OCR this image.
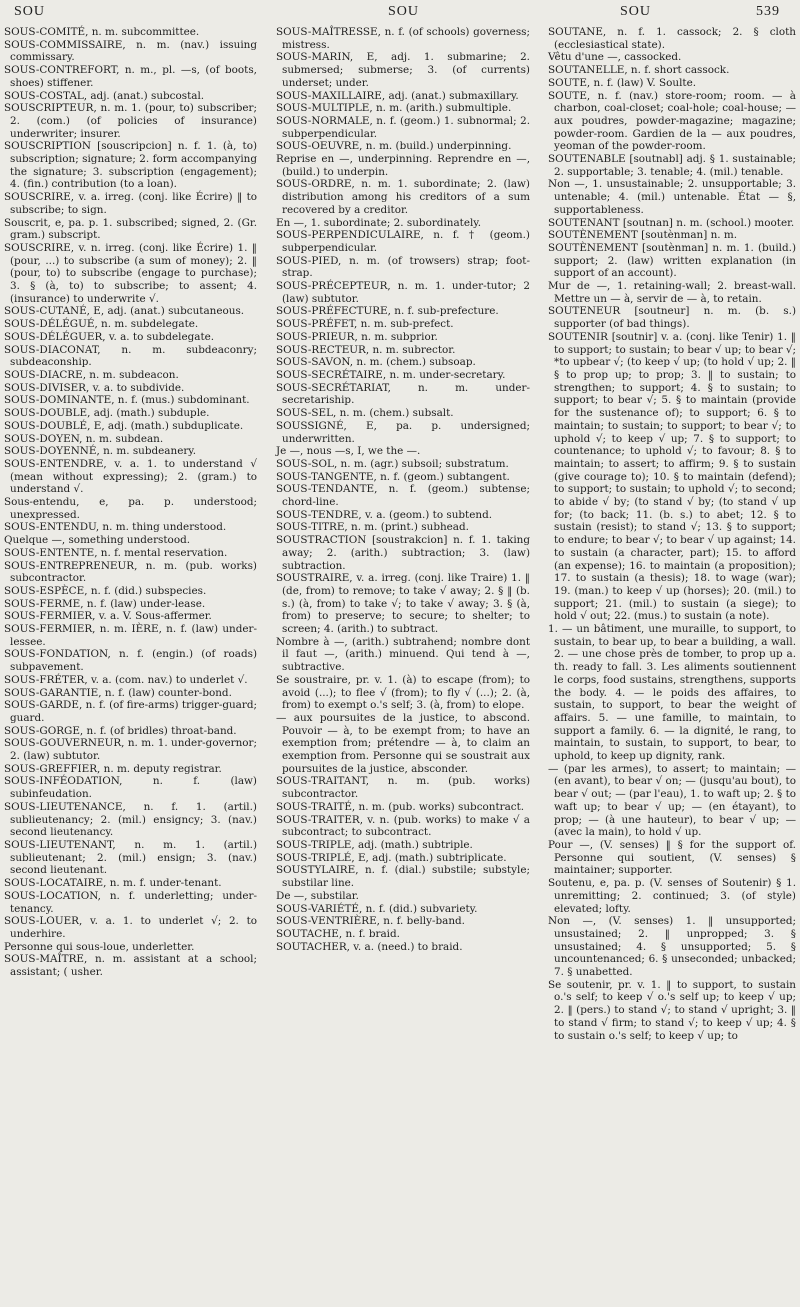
SOU	SOU	SOU	539

SOUS-COMITÉ, n. m. subcommittee.

SOUS-COMMISSAIRE, n. m. (nav.) issuing commissary.

SOUS-CONTREFORT, n. m., pl. —s, (of boots, shoes) stiffener.

SOUS-COSTAL, adj. (anat.) subcostal.

SOUSCRIPTEUR, n. m. 1. (pour, to) subscriber; 2. (com.) (of policies of insurance) underwriter; insurer.

SOUSCRIPTION [souscripcion] n. f. 1. (à, to) subscription; signature; 2. form accompanying the signature; 3. subscription (engagement); 4. (fin.) contribution (to a loan).

SOUSCRIRE, v. a. irreg. (conj. like Écrire) ‖ to subscribe; to sign.

Souscrit, e, pa. p. 1. subscribed; signed, 2. (Gr. gram.) subscript.

SOUSCRIRE, v. n. irreg. (conj. like Écrire) 1. ‖ (pour, ...) to subscribe (a sum of money); 2. ‖ (pour, to) to subscribe (engage to purchase); 3. § (à, to) to subscribe; to assent; 4. (insurance) to underwrite √.

SOUS-CUTANÉ, E, adj. (anat.) subcutaneous.

SOUS-DÉLÉGUÉ, n. m. subdelegate.

SOUS-DÉLÉGUER, v. a. to subdelegate.

SOUS-DIACONAT, n. m. subdeaconry; subdeaconship.

SOUS-DIACRE, n. m. subdeacon.

SOUS-DIVISER, v. a. to subdivide.

SOUS-DOMINANTE, n. f. (mus.) subdominant.

SOUS-DOUBLE, adj. (math.) subduple.

SOUS-DOUBLÉ, E, adj. (math.) subduplicate.

SOUS-DOYEN, n. m. subdean.

SOUS-DOYENNÉ, n. m. subdeanery.

SOUS-ENTENDRE, v. a. 1. to understand √ (mean without expressing); 2. (gram.) to understand √.

Sous-entendu, e, pa. p. understood; unexpressed.

SOUS-ENTENDU, n. m. thing understood.

Quelque —, something understood.

SOUS-ENTENTE, n. f. mental reservation.

SOUS-ENTREPRENEUR, n. m. (pub. works) subcontractor.

SOUS-ESPÈCE, n. f. (did.) subspecies.

SOUS-FERME, n. f. (law) under-lease.

SOUS-FERMIER, v. a. V. Sous-affermer.

SOUS-FERMIER, n. m. IÈRE, n. f. (law) under-lessee.

SOUS-FONDATION, n. f. (engin.) (of roads) subpavement.

SOUS-FRÉTER, v. a. (com. nav.) to underlet √.

SOUS-GARANTIE, n. f. (law) counter-bond.

SOUS-GARDE, n. f. (of fire-arms) trigger-guard; guard.

SOUS-GORGE, n. f. (of bridles) throat-band.

SOUS-GOUVERNEUR, n. m. 1. under-governor; 2. (law) subtutor.

SOUS-GREFFIER, n. m. deputy registrar.

SOUS-INFÉODATION, n. f. (law) subinfeudation.

SOUS-LIEUTENANCE, n. f. 1. (artil.) sublieutenancy; 2. (mil.) ensigncy; 3. (nav.) second lieutenancy.

SOUS-LIEUTENANT, n. m. 1. (artil.) sublieutenant; 2. (mil.) ensign; 3. (nav.) second lieutenant.

SOUS-LOCATAIRE, n. m. f. under-tenant.

SOUS-LOCATION, n. f. underletting; under-tenancy.

SOUS-LOUER, v. a. 1. to underlet √; 2. to underhire.

Personne qui sous-loue, underletter.

SOUS-MAÎTRE, n. m. assistant at a school; assistant; ( usher.

SOUS-MAÎTRESSE, n. f. (of schools) governess; mistress.

SOUS-MARIN, E, adj. 1. submarine; 2. submersed; submerse; 3. (of currents) underset; under.

SOUS-MAXILLAIRE, adj. (anat.) submaxillary.

SOUS-MULTIPLE, n. m. (arith.) submultiple.

SOUS-NORMALE, n. f. (geom.) 1. subnormal; 2. subperpendicular.

SOUS-OEUVRE, n. m. (build.) underpinning.

Reprise en —, underpinning. Reprendre en —, (build.) to underpin.

SOUS-ORDRE, n. m. 1. subordinate; 2. (law) distribution among his creditors of a sum recovered by a creditor.

En —, 1. subordinate; 2. subordinately.

SOUS-PERPENDICULAIRE, n. f. † (geom.) subperpendicular.

SOUS-PIED, n. m. (of trowsers) strap; foot-strap.

SOUS-PRÉCEPTEUR, n. m. 1. under-tutor; 2 (law) subtutor.

SOUS-PRÉFECTURE, n. f. sub-prefecture.

SOUS-PRÉFET, n. m. sub-prefect.

SOUS-PRIEUR, n. m. subprior.

SOUS-RECTEUR, n. m. subrector.

SOUS-SAVON, n. m. (chem.) subsoap.

SOUS-SECRÉTAIRE, n. m. under-secretary.

SOUS-SECRÉTARIAT, n. m. under-secretariship.

SOUS-SEL, n. m. (chem.) subsalt.

SOUSSIGNÉ, E, pa. p. undersigned; underwritten.

Je —, nous —s, I, we the —.

SOUS-SOL, n. m. (agr.) subsoil; substratum.

SOUS-TANGENTE, n. f. (geom.) subtangent.

SOUS-TENDANTE, n. f. (geom.) subtense; chord-line.

SOUS-TENDRE, v. a. (geom.) to subtend.

SOUS-TITRE, n. m. (print.) subhead.

SOUSTRACTION [soustrakcion] n. f. 1. taking away; 2. (arith.) subtraction; 3. (law) subtraction.

SOUSTRAIRE, v. a. irreg. (conj. like Traire) 1. ‖ (de, from) to remove; to take √ away; 2. § ‖ (b. s.) (à, from) to take √; to take √ away; 3. § (à, from) to preserve; to secure; to shelter; to screen; 4. (arith.) to subtract.

Nombre à —, (arith.) subtrahend; nombre dont il faut —, (arith.) minuend. Qui tend à —, subtractive.

Se soustraire, pr. v. 1. (à) to escape (from); to avoid (...); to flee √ (from); to fly √ (...); 2. (à, from) to exempt o.'s self; 3. (à, from) to elope.

— aux poursuites de la justice, to abscond. Pouvoir — à, to be exempt from; to have an exemption from; prétendre — à, to claim an exemption from. Personne qui se soustrait aux poursuites de la justice, absconder.

SOUS-TRAITANT, n. m. (pub. works) subcontractor.

SOUS-TRAITÉ, n. m. (pub. works) subcontract.

SOUS-TRAITER, v. n. (pub. works) to make √ a subcontract; to subcontract.

SOUS-TRIPLE, adj. (math.) subtriple.

SOUS-TRIPLÉ, E, adj. (math.) subtriplicate.

SOUSTYLAIRE, n. f. (dial.) substile; substyle; substilar line.

De —, substilar.

SOUS-VARIÉTÉ, n. f. (did.) subvariety.

SOUS-VENTRIÈRE, n. f. belly-band.

SOUTACHE, n. f. braid.

SOUTACHER, v. a. (need.) to braid.

SOUTANE, n. f. 1. cassock; 2. § cloth (ecclesiastical state).

Vêtu d'une —, cassocked.

SOUTANELLE, n. f. short cassock.

SOUTE, n. f. (law) V. Soulte.

SOUTE, n. f. (nav.) store-room; room. — à charbon, coal-closet; coal-hole; coal-house; — aux poudres, powder-magazine; magazine; powder-room. Gardien de la — aux poudres, yeoman of the powder-room.

SOUTENABLE [soutnabl] adj. § 1. sustainable; 2. supportable; 3. tenable; 4. (mil.) tenable.

Non —, 1. unsustainable; 2. unsupportable; 3. untenable; 4. (mil.) untenable. État — §, supportableness.

SOUTENANT [soutnan] n. m. (school.) mooter.

SOUTÈNEMENT [soutènman] n. m.

SOUTÈNEMENT [soutènman] n. m. 1. (build.) support; 2. (law) written explanation (in support of an account).

Mur de —, 1. retaining-wall; 2. breast-wall. Mettre un — à, servir de — à, to retain.

SOUTENEUR [soutneur] n. m. (b. s.) supporter (of bad things).

SOUTENIR [soutnir] v. a. (conj. like Tenir) 1. ‖ to support; to sustain; to bear √ up; to bear √; *to upbear √; (to keep √ up; (to hold √ up; 2. ‖ § to prop up; to prop; 3. ‖ to sustain; to strengthen; to support; 4. § to sustain; to support; to bear √; 5. § to maintain (provide for the sustenance of); to support; 6. § to maintain; to sustain; to support; to bear √; to uphold √; to keep √ up; 7. § to support; to countenance; to uphold √; to favour; 8. § to maintain; to assert; to affirm; 9. § to sustain (give courage to); 10. § to maintain (defend); to support; to sustain; to uphold √; to second; to abide √ by; (to stand √ by; (to stand √ up for; (to back; 11. (b. s.) to abet; 12. § to sustain (resist); to stand √; 13. § to support; to endure; to bear √; to bear √ up against; 14. to sustain (a character, part); 15. to afford (an expense); 16. to maintain (a proposition); 17. to sustain (a thesis); 18. to wage (war); 19. (man.) to keep √ up (horses); 20. (mil.) to support; 21. (mil.) to sustain (a siege); to hold √ out; 22. (mus.) to sustain (a note).

1. — un bâtiment, une muraille, to support, to sustain, to bear up, to bear a building, a wall. 2. — une chose près de tomber, to prop up a. th. ready to fall. 3. Les aliments soutiennent le corps, food sustains, strengthens, supports the body. 4. — le poids des affaires, to sustain, to support, to bear the weight of affairs. 5. — une famille, to maintain, to support a family. 6. — la dignité, le rang, to maintain, to sustain, to support, to bear, to uphold, to keep up dignity, rank.

— (par les armes), to assert; to maintain; — (en avant), to bear √ on; — (jusqu'au bout), to bear √ out; — (par l'eau), 1. to waft up; 2. § to waft up; to bear √ up; — (en étayant), to prop; — (à une hauteur), to bear √ up; — (avec la main), to hold √ up.

Pour —, (V. senses) ‖ § for the support of. Personne qui soutient, (V. senses) § maintainer; supporter.

Soutenu, e, pa. p. (V. senses of Soutenir) § 1. unremitting; 2. continued; 3. (of style) elevated; lofty.

Non —, (V. senses) 1. ‖ unsupported; unsustained; 2. ‖ unpropped; 3. § unsustained; 4. § unsupported; 5. § uncountenanced; 6. § unseconded; unbacked; 7. § unabetted.

Se soutenir, pr. v. 1. ‖ to support, to sustain o.'s self; to keep √ o.'s self up; to keep √ up; 2. ‖ (pers.) to stand √; to stand √ upright; 3. ‖ to stand √ firm; to stand √; to keep √ up; 4. § to sustain o.'s self; to keep √ up; to
